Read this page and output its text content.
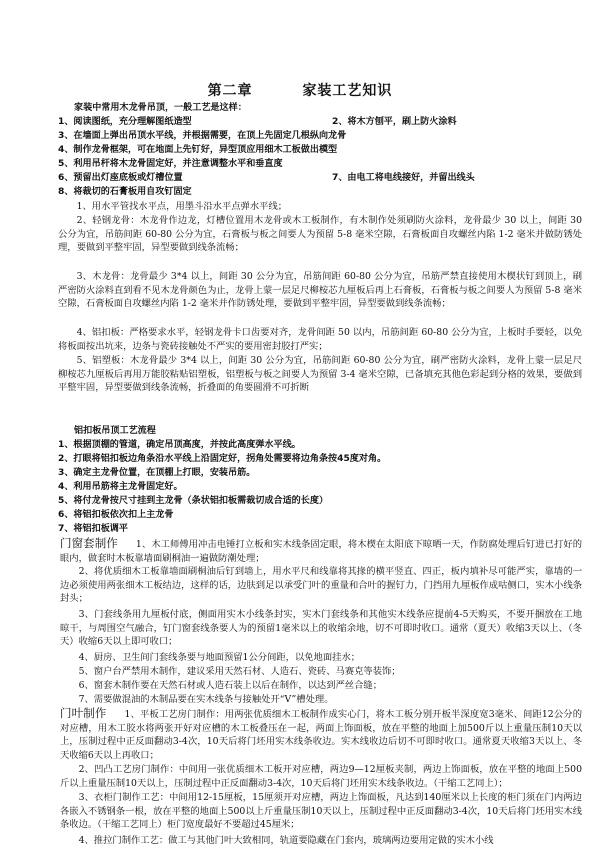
第二章	家装工艺知识
家装中常用木龙骨吊顶，一般工艺是这样：
1、阅读图纸，充分理解图纸造型	2、将木方刨平，刷上防火涂料
3、在墙面上弹出吊顶水平线，并根据需要，在顶上先固定几根纵向龙骨
4、制作龙骨框架，可在地面上先钉好，异型顶应用细木工板做出模型
5、利用吊杆将木龙骨固定好，并注意调整水平和垂直度
6、预留出灯座底板或灯槽位置	7、由电工将电线接好，并留出线头
8、将裁切的石膏板用自攻钉固定
1、用水平管找水平点，用墨斗沿水平点弹水平线；
2、轻钢龙骨：木龙骨作边龙，灯槽位置用木龙骨或木工板制作，有木制作处须刷防火涂料，龙骨最少 30 以上，间距 30 公分为宜，吊筋间距 60-80 公分为宜，石膏板与板之间要人为预留 5-8 毫米空隙，石膏板面自攻螺丝内陷 1-2 毫米并做防锈处理，要做到平整牢固，异型要做到线条流畅；
3、木龙骨：龙骨最少 3*4 以上，间距 30 公分为宜，吊筋间距 60-80 公分为宜，吊筋严禁直接使用木楔状钉到顶上，刷严密防火涂料直到看不见木龙骨颜色为止，龙骨上蒙一层足尺柳桉芯九厘板后再上石膏板，石膏板与板之间要人为预留 5-8 毫米空隙，石膏板面自攻螺丝内陷 1-2 毫米并作防锈处理，要做到平整牢固，异型要做到线条流畅；
4、铝扣板：严格要求水平，轻钢龙骨卡口齿要对齐，龙骨间距 50 以内，吊筋间距 60-80 公分为宜，上板时手要轻，以免将板面按出坑来，边条与瓷砖接触处不严实的要用密封胶打严实；
5、铝塑板：木龙骨最少 3*4 以上，间距 30 公分为宜，吊筋间距 60-80 公分为宜，刷严密防火涂料，龙骨上蒙一层足尺柳桉芯九厘板后再用万能胶粘贴铝塑板，铝塑板与板之间要人为预留 3-4 毫米空隙，已备填充其他色彩起到分格的效果，要做到平整牢固，异型要做到线条流畅，折叠面的角要圆滑不可折断
铝扣板吊顶工艺流程
1、根据顶棚的管道，确定吊顶高度，并按此高度弹水平线。
2、打眼将铝扣板边角条沿水平线上沿固定好，拐角处需要将边角条按45度对角。
3、确定主龙骨位置，在顶棚上打眼，安装吊筋。
4、利用吊筋将主龙骨固定好。
5、将付龙骨按尺寸挂到主龙骨（条状铝扣板需裁切成合适的长度）
6、将铝扣板依次扣上主龙骨
7、将铝扣板调平
门窗套制作 1、木工师傅用冲击电锤打立板和实木线条固定眼，将木楔在太阳底下晾晒一天，作防腐处理后钉进已打好的眼内，做套时木板靠墙面刷桐油一遍做防潮处理；
2、将优质细木工板靠墙面刷桐油后钉到墙上，用水平尺和线靠将其掾的横平竖直、四正，板内填补尽可能严实，靠墙的一边必须使用两张细木工板结边，这样的话，边肤到足以承受门叶的重量和合叶的握钉力，门挡用九厘板作成咕侧口，实木小线条封头；
3、门套线条用九厘板付底，侧面用实木小线条封实，实木门套线条和其他实木线条应提前4-5天购买，不要开捆放在工地晾干，与周围空气融合，钉门窗套线条要人为的预留1毫米以上的收缩余地，切不可即时收口。通常（夏天）收缩3天以上、（冬天）收缩6天以上即可收口；
4、厨房、卫生间门套线条要与地面预留1公分间距，以免地面挂水；
5、窗户台严禁用木制作，建议采用天然石材、人造石、瓷砖、马赛克等装饰；
6、窗套木制作要在天然石材或人造石装上以后在制作，以达到严丝合缝；
7、需要做混油的木制品要在实木线条与接触处开“V”槽处理。
门叶制作 1、平板工艺房门制作：用两张优质细木工板制作成实心门，将木工板分别开板半深度宽3毫米、间距12公分的对应槽，用木工胶水将两张开好对应槽的木工板叠压在一起，两面上饰面板，放在平整的地面上加500斤以上重量压制10天以上，压制过程中正反面翻动3-4次，10天后将门坯用实木线条收边。实木线收边后切不可即时收口。通常夏天收缩3天以上、冬天收缩6天以上再收口；
2、凹凸工艺房门制作：中间用一张优质细木工板开对应槽，两边9—12厘板夹制，两边上饰面板，放在平整的地面上500斤以上重量压制10天以上，压制过程中正反面翻动3-4次，10天后将门坯用实木线条收边。（干缩工艺同上）；
3、衣柜门制作工艺：中间用12-15厘板，15厘须开对应槽，两边上饰面板，凡达到140厘米以上长度的柜门须在门内两边各嵌入不锈钢条一根，放在平整的地面上500以上斤重量压制10天以上，压制过程中正反面翻动3-4次，10天后将门坯用实木线条收边。（干缩工艺同上）柜门宽度最好不要超过45厘米；
4、推拉门制作工艺：做工与其他门叶大致相同，轨道要隐藏在门套内，玻璃两边要用定做的实木小线
